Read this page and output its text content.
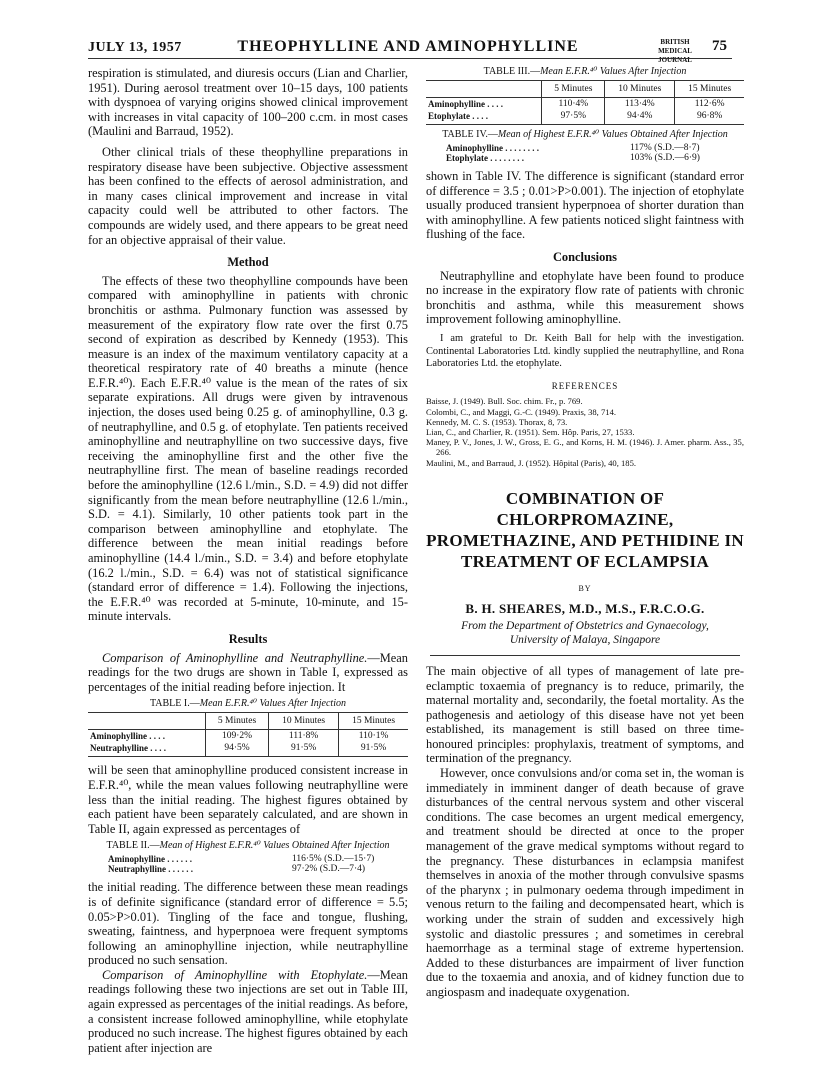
JULY 13, 1957	THEOPHYLLINE AND AMINOPHYLLINE	BRITISH
MEDICAL JOURNAL
75

respiration is stimulated, and diuresis occurs (Lian and Charlier, 1951). During aerosol treatment over 10–15 days, 100 patients with dyspnoea of varying origins showed clinical improvement with increases in vital capacity of 100–200 c.cm. in most cases (Maulini and Barraud, 1952).

Other clinical trials of these theophylline preparations in respiratory disease have been subjective. Objective assessment has been confined to the effects of aerosol administration, and in many cases clinical improvement and increase in vital capacity could well be attributed to other factors. The compounds are widely used, and there appears to be great need for an objective appraisal of their value.

Method

The effects of these two theophylline compounds have been compared with aminophylline in patients with chronic bronchitis or asthma. Pulmonary function was assessed by measurement of the expiratory flow rate over the first 0.75 second of expiration as described by Kennedy (1953). This measure is an index of the maximum ventilatory capacity at a theoretical respiratory rate of 40 breaths a minute (hence E.F.R.⁴⁰). Each E.F.R.⁴⁰ value is the mean of the rates of six separate expirations. All drugs were given by intravenous injection, the doses used being 0.25 g. of aminophylline, 0.3 g. of neutraphylline, and 0.5 g. of etophylate. Ten patients received aminophylline and neutraphylline on two successive days, five receiving the aminophylline first and the other five the neutraphylline first. The mean of baseline readings recorded before the aminophylline (12.6 l./min., S.D. = 4.9) did not differ significantly from the mean before neutraphylline (12.6 l./min., S.D. = 4.1). Similarly, 10 other patients took part in the comparison between aminophylline and etophylate. The difference between the mean initial readings before aminophylline (14.4 l./min., S.D. = 3.4) and before etophylate (16.2 l./min., S.D. = 6.4) was not of statistical significance (standard error of difference = 1.4). Following the injections, the E.F.R.⁴⁰ was recorded at 5-minute, 10-minute, and 15-minute intervals.

Results

Comparison of Aminophylline and Neutraphylline.—Mean readings for the two drugs are shown in Table I, expressed as percentages of the initial reading before injection. It

TABLE I.—Mean E.F.R.⁴⁰ Values After Injection
	5 Minutes	10 Minutes	15 Minutes
Aminophylline . . . .	109·2%	111·8%	110·1%
Neutraphylline . . . .	94·5%	91·5%	91·5%

will be seen that aminophylline produced consistent increase in E.F.R.⁴⁰, while the mean values following neutraphylline were less than the initial reading. The highest figures obtained by each patient have been separately calculated, and are shown in Table II, again expressed as percentages of

TABLE II.—Mean of Highest E.F.R.⁴⁰ Values Obtained After Injection
Aminophylline . . . . . .	116·5% (S.D.—15·7)
Neutraphylline . . . . . .	97·2% (S.D.—7·4)

the initial reading. The difference between these mean readings is of definite significance (standard error of difference = 5.5; 0.05>P>0.01). Tingling of the face and tongue, flushing, sweating, faintness, and hyperpnoea were frequent symptoms following an aminophylline injection, while neutraphylline produced no such sensation.

Comparison of Aminophylline with Etophylate.—Mean readings following these two injections are set out in Table III, again expressed as percentages of the initial readings. As before, a consistent increase followed aminophylline, while etophylate produced no such increase. The highest figures obtained by each patient after injection are

TABLE III.—Mean E.F.R.⁴⁰ Values After Injection
	5 Minutes	10 Minutes	15 Minutes
Aminophylline . . . .	110·4%	113·4%	112·6%
Etophylate . . . .	97·5%	94·4%	96·8%
TABLE IV.—Mean of Highest E.F.R.⁴⁰ Values Obtained After Injection
Aminophylline . . . . . . . .	117% (S.D.—8·7)
Etophylate . . . . . . . .	103% (S.D.—6·9)

shown in Table IV. The difference is significant (standard error of difference = 3.5 ; 0.01>P>0.001). The injection of etophylate usually produced transient hyperpnoea of shorter duration than with aminophylline. A few patients noticed slight faintness with flushing of the face.

Conclusions

Neutraphylline and etophylate have been found to produce no increase in the expiratory flow rate of patients with chronic bronchitis and asthma, while this measurement shows improvement following aminophylline.

I am grateful to Dr. Keith Ball for help with the investigation. Continental Laboratories Ltd. kindly supplied the neutraphylline, and Rona Laboratories Ltd. the etophylate.

REFERENCES
Baisse, J. (1949). Bull. Soc. chim. Fr., p. 769.
Colombi, C., and Maggi, G.-C. (1949). Praxis, 38, 714.
Kennedy, M. C. S. (1953). Thorax, 8, 73.
Lian, C., and Charlier, R. (1951). Sem. Hôp. Paris, 27, 1533.
Maney, P. V., Jones, J. W., Gross, E. G., and Korns, H. M. (1946). J. Amer. pharm. Ass., 35, 266.
Maulini, M., and Barraud, J. (1952). Hôpital (Paris), 40, 185.
COMBINATION OF CHLORPROMAZINE,
PROMETHAZINE, AND PETHIDINE IN
TREATMENT OF ECLAMPSIA
BY
B. H. SHEARES, M.D., M.S., F.R.C.O.G.
From the Department of Obstetrics and Gynaecology,
University of Malaya, Singapore

The main objective of all types of management of late pre-eclamptic toxaemia of pregnancy is to reduce, primarily, the maternal mortality and, secondarily, the foetal mortality. As the pathogenesis and aetiology of this disease have not yet been established, its management is still based on three time-honoured principles: prophylaxis, treatment of symptoms, and termination of the pregnancy.

However, once convulsions and/or coma set in, the woman is immediately in imminent danger of death because of grave disturbances of the central nervous system and other visceral conditions. The case becomes an urgent medical emergency, and treatment should be directed at once to the proper management of the grave medical symptoms without regard to the pregnancy. These disturbances in eclampsia manifest themselves in anoxia of the mother through convulsive spasms of the pharynx ; in pulmonary oedema through impediment in venous return to the failing and decompensated heart, which is working under the strain of sudden and excessively high systolic and diastolic pressures ; and sometimes in cerebral haemorrhage as a terminal stage of extreme hypertension. Added to these disturbances are impairment of liver function due to the toxaemia and anoxia, and of kidney function due to angiospasm and inadequate oxygenation.
